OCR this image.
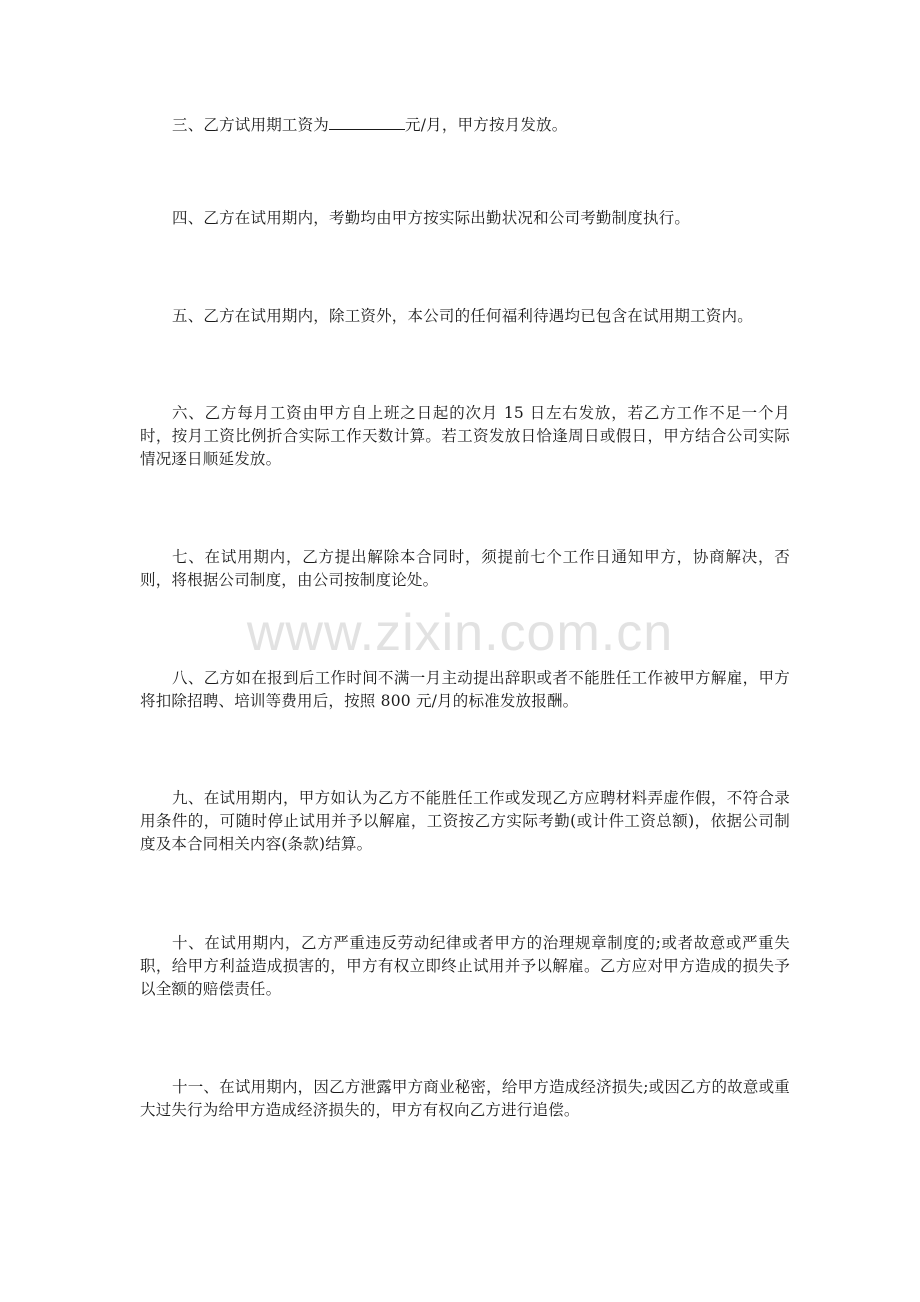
三、乙方试用期工资为	元/月，甲方按月发放。

四、乙方在试用期内，考勤均由甲方按实际出勤状况和公司考勤制度执行。

五、乙方在试用期内，除工资外，本公司的任何福利待遇均已包含在试用期工资内。

六、乙方每月工资由甲方自上班之日起的次月 15 日左右发放，若乙方工作不足一个月时，按月工资比例折合实际工作天数计算。若工资发放日恰逢周日或假日，甲方结合公司实际情况逐日顺延发放。

七、在试用期内，乙方提出解除本合同时，须提前七个工作日通知甲方，协商解决，否则，将根据公司制度，由公司按制度论处。

www.zixin.com.cn

八、乙方如在报到后工作时间不满一月主动提出辞职或者不能胜任工作被甲方解雇，甲方将扣除招聘、培训等费用后，按照 800 元/月的标准发放报酬。

九、在试用期内，甲方如认为乙方不能胜任工作或发现乙方应聘材料弄虚作假，不符合录用条件的，可随时停止试用并予以解雇，工资按乙方实际考勤(或计件工资总额)，依据公司制度及本合同相关内容(条款)结算。

十、在试用期内，乙方严重违反劳动纪律或者甲方的治理规章制度的;或者故意或严重失职，给甲方利益造成损害的，甲方有权立即终止试用并予以解雇。乙方应对甲方造成的损失予以全额的赔偿责任。

十一、在试用期内，因乙方泄露甲方商业秘密，给甲方造成经济损失;或因乙方的故意或重大过失行为给甲方造成经济损失的，甲方有权向乙方进行追偿。
